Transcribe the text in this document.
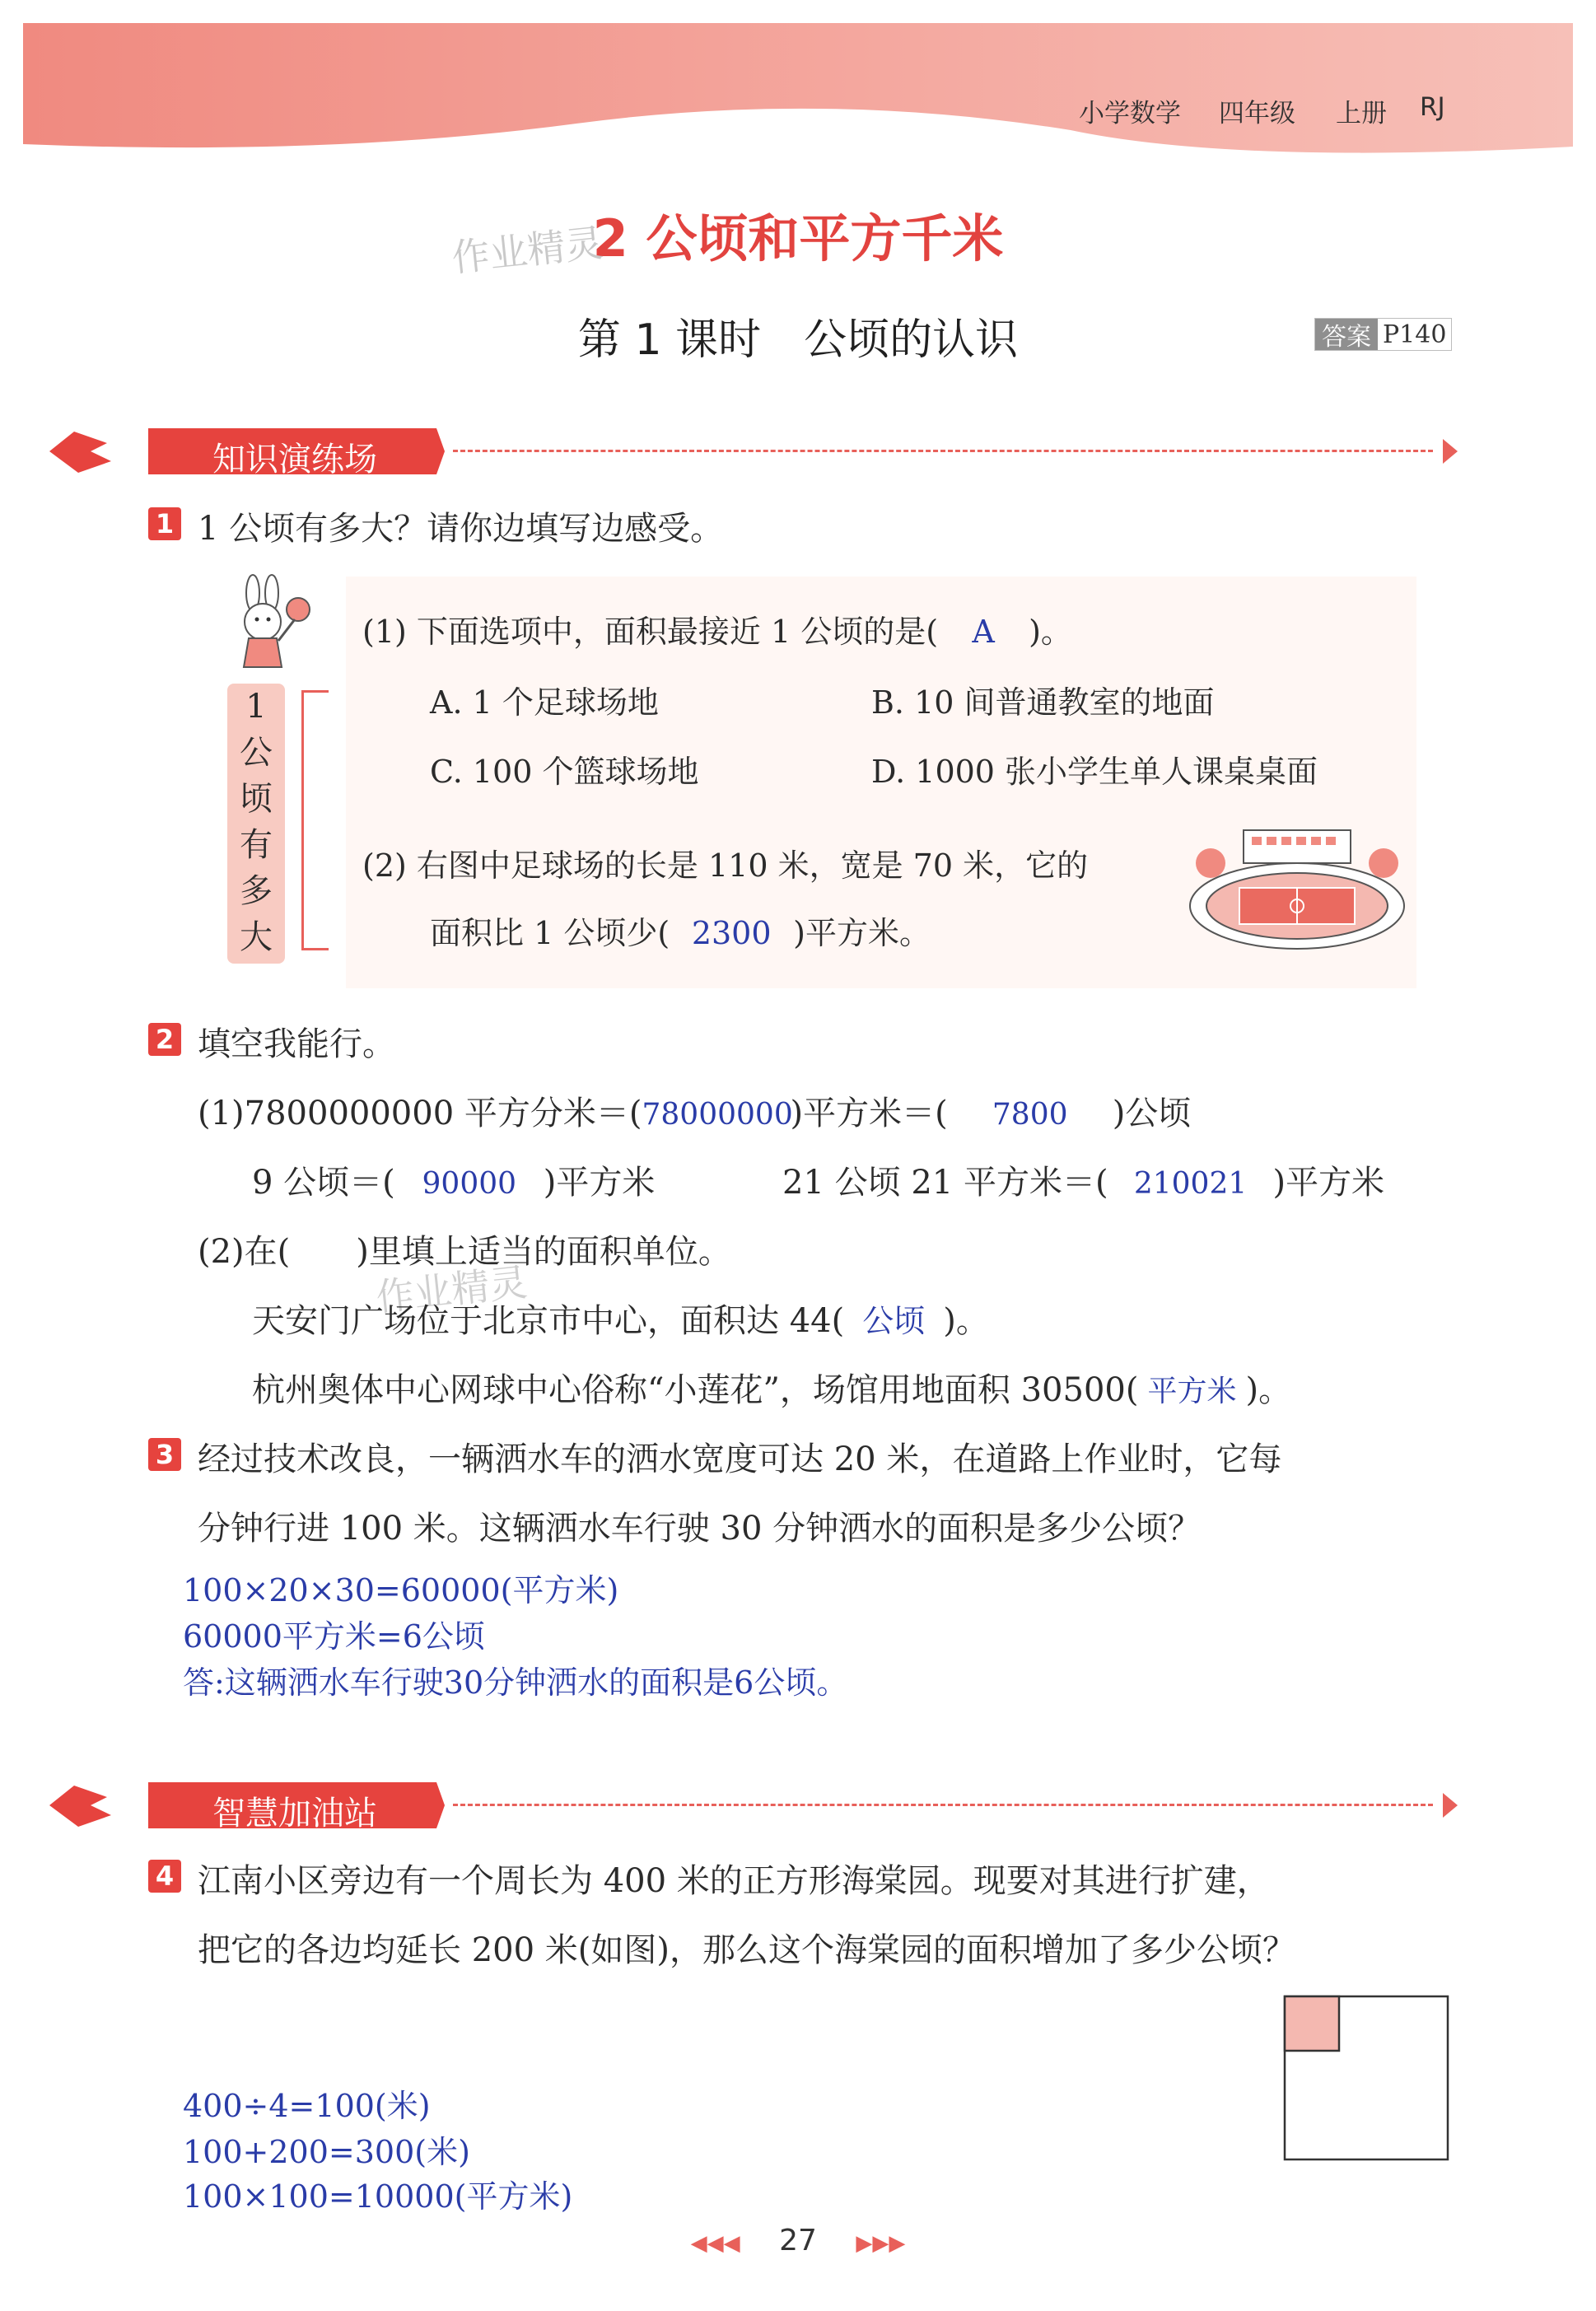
小学数学 四年级 上册 RJ
2 公顷和平方千米
作业精灵
第 1 课时　公顷的认识	答案 P140
知识演练场
1 1 公顷有多大？请你边填写边感受。
1
公
顷
有
多
大
(1) 下面选项中，面积最接近 1 公顷的是( A )。
A. 1 个足球场地	B. 10 间普通教室的地面
C. 100 个篮球场地	D. 1000 张小学生单人课桌桌面
(2) 右图中足球场的长是 110 米，宽是 70 米，它的
面积比 1 公顷少( 2300 )平方米。
2 填空我能行。
(1)7800000000 平方分米＝(78000000)平方米＝( 7800 )公顷
9 公顷＝( 90000 )平方米	21 公顷 21 平方米＝( 210021 )平方米
(2)在(　　)里填上适当的面积单位。
作业精灵
天安门广场位于北京市中心，面积达 44( 公顷 )。
杭州奥体中心网球中心俗称“小莲花”，场馆用地面积 30500( 平方米 )。
3 经过技术改良，一辆洒水车的洒水宽度可达 20 米，在道路上作业时，它每
分钟行进 100 米。这辆洒水车行驶 30 分钟洒水的面积是多少公顷？
100×20×30=60000(平方米)
60000平方米=6公顷
答:这辆洒水车行驶30分钟洒水的面积是6公顷。
智慧加油站
4 江南小区旁边有一个周长为 400 米的正方形海棠园。现要对其进行扩建，
把它的各边均延长 200 米(如图)，那么这个海棠园的面积增加了多少公顷？
400÷4=100(米)
100+200=300(米)
100×100=10000(平方米)
◀◀◀ 27 ▶▶▶
